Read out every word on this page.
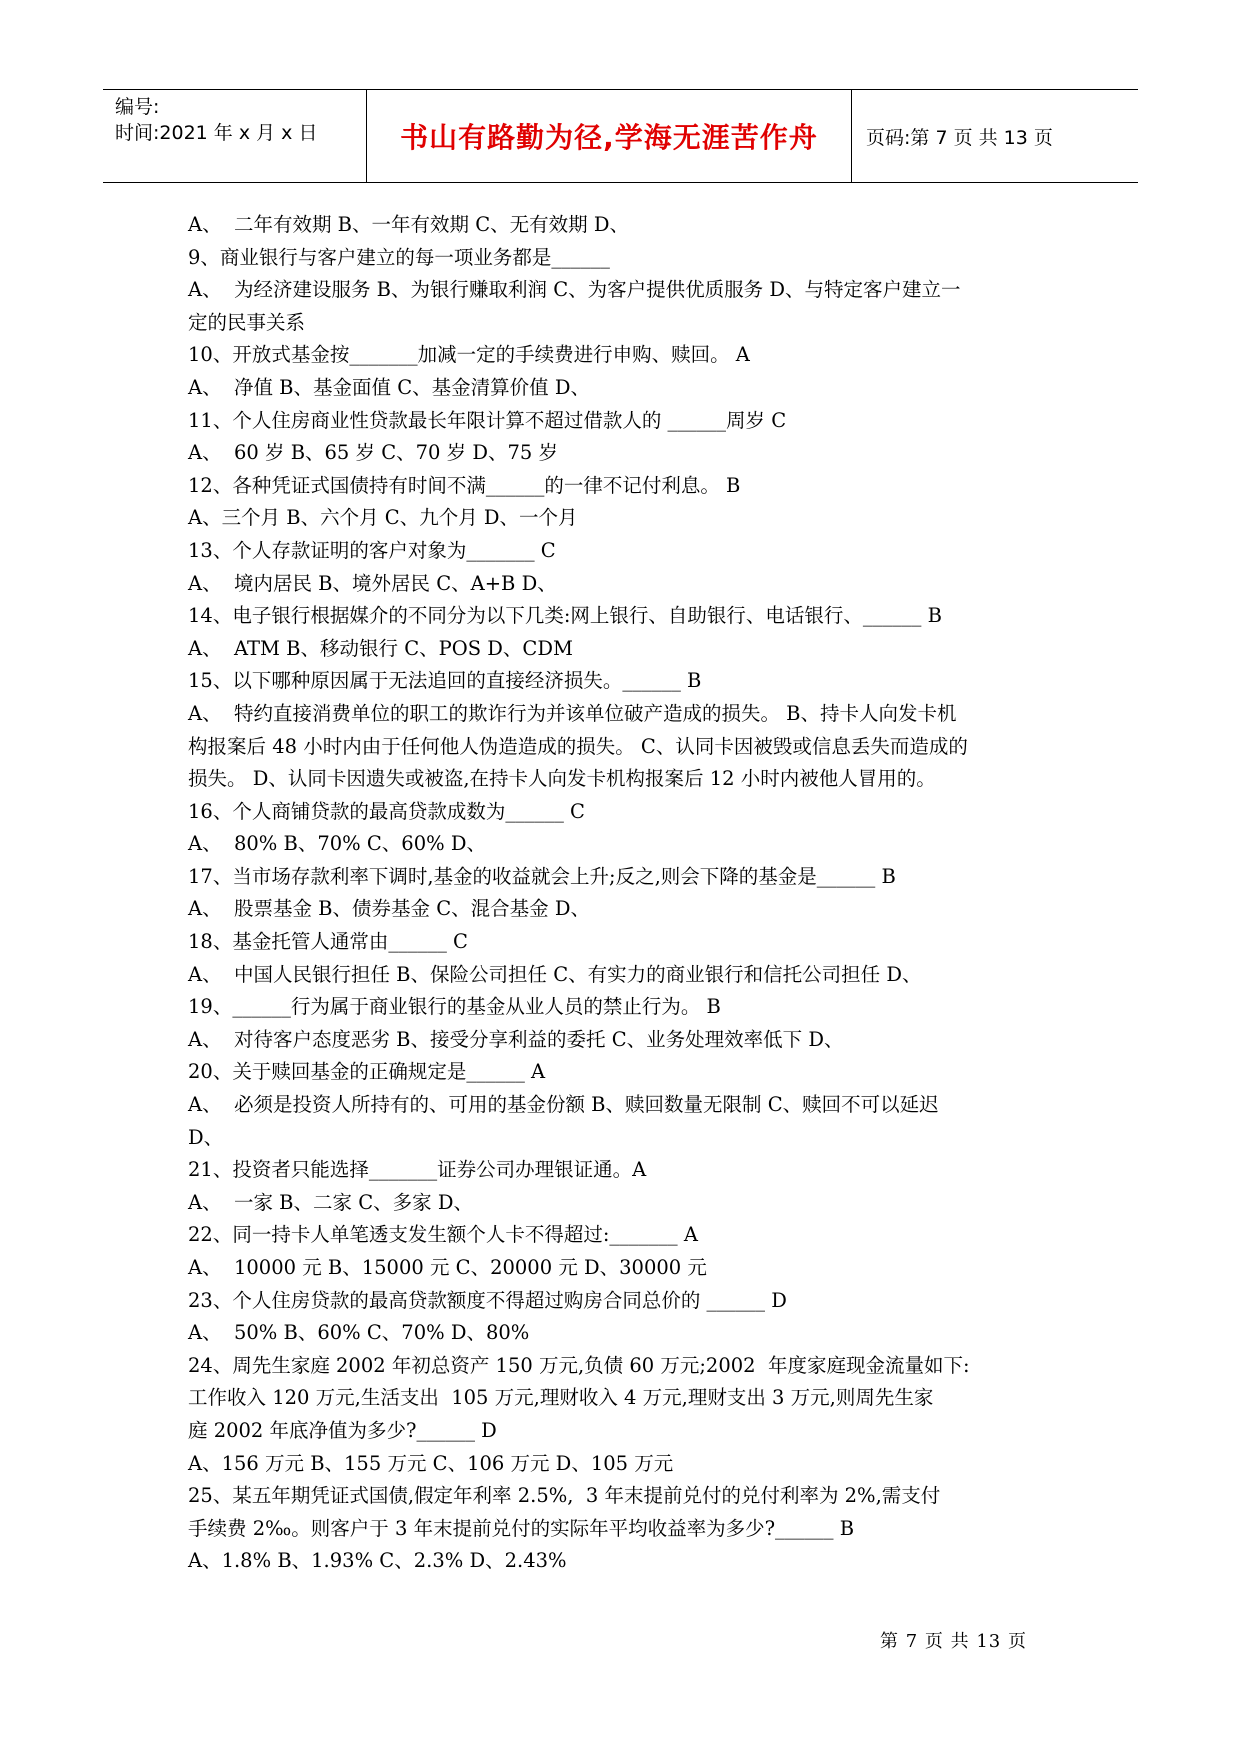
编号:
时间:2021 年 x 月 x 日	书山有路勤为径,学海无涯苦作舟	页码:第 7 页 共 13 页
A、  二年有效期 B、一年有效期 C、无有效期 D、
9、商业银行与客户建立的每一项业务都是______
A、  为经济建设服务 B、为银行赚取利润 C、为客户提供优质服务 D、与特定客户建立一
定的民事关系
10、开放式基金按_______加减一定的手续费进行申购、赎回。 A
A、  净值 B、基金面值 C、基金清算价值 D、
11、个人住房商业性贷款最长年限计算不超过借款人的 ______周岁 C
A、  60 岁 B、65 岁 C、70 岁 D、75 岁
12、各种凭证式国债持有时间不满______的一律不记付利息。 B
A、三个月 B、六个月 C、九个月 D、一个月
13、个人存款证明的客户对象为_______ C
A、  境内居民 B、境外居民 C、A+B D、
14、电子银行根据媒介的不同分为以下几类:网上银行、自助银行、电话银行、______ B
A、  ATM B、移动银行 C、POS D、CDM
15、以下哪种原因属于无法追回的直接经济损失。______ B
A、  特约直接消费单位的职工的欺诈行为并该单位破产造成的损失。 B、持卡人向发卡机
构报案后 48 小时内由于任何他人伪造造成的损失。 C、认同卡因被毁或信息丢失而造成的
损失。 D、认同卡因遗失或被盗,在持卡人向发卡机构报案后 12 小时内被他人冒用的。
16、个人商铺贷款的最高贷款成数为______ C
A、  80% B、70% C、60% D、
17、当市场存款利率下调时,基金的收益就会上升;反之,则会下降的基金是______ B
A、  股票基金 B、债券基金 C、混合基金 D、
18、基金托管人通常由______ C
A、  中国人民银行担任 B、保险公司担任 C、有实力的商业银行和信托公司担任 D、
19、______行为属于商业银行的基金从业人员的禁止行为。 B
A、  对待客户态度恶劣 B、接受分享利益的委托 C、业务处理效率低下 D、
20、关于赎回基金的正确规定是______ A
A、  必须是投资人所持有的、可用的基金份额 B、赎回数量无限制 C、赎回不可以延迟
D、
21、投资者只能选择_______证券公司办理银证通。A
A、  一家 B、二家 C、多家 D、
22、同一持卡人单笔透支发生额个人卡不得超过:_______ A
A、  10000 元 B、15000 元 C、20000 元 D、30000 元
23、个人住房贷款的最高贷款额度不得超过购房合同总价的 ______ D
A、  50% B、60% C、70% D、80%
24、周先生家庭 2002 年初总资产 150 万元,负债 60 万元;2002  年度家庭现金流量如下:
工作收入 120 万元,生活支出  105 万元,理财收入 4 万元,理财支出 3 万元,则周先生家
庭 2002 年底净值为多少?______ D
A、156 万元 B、155 万元 C、106 万元 D、105 万元
25、某五年期凭证式国债,假定年利率 2.5%,  3 年末提前兑付的兑付利率为 2%,需支付
手续费 2‰。则客户于 3 年末提前兑付的实际年平均收益率为多少?______ B
A、1.8% B、1.93% C、2.3% D、2.43%
第 7 页 共 13 页
